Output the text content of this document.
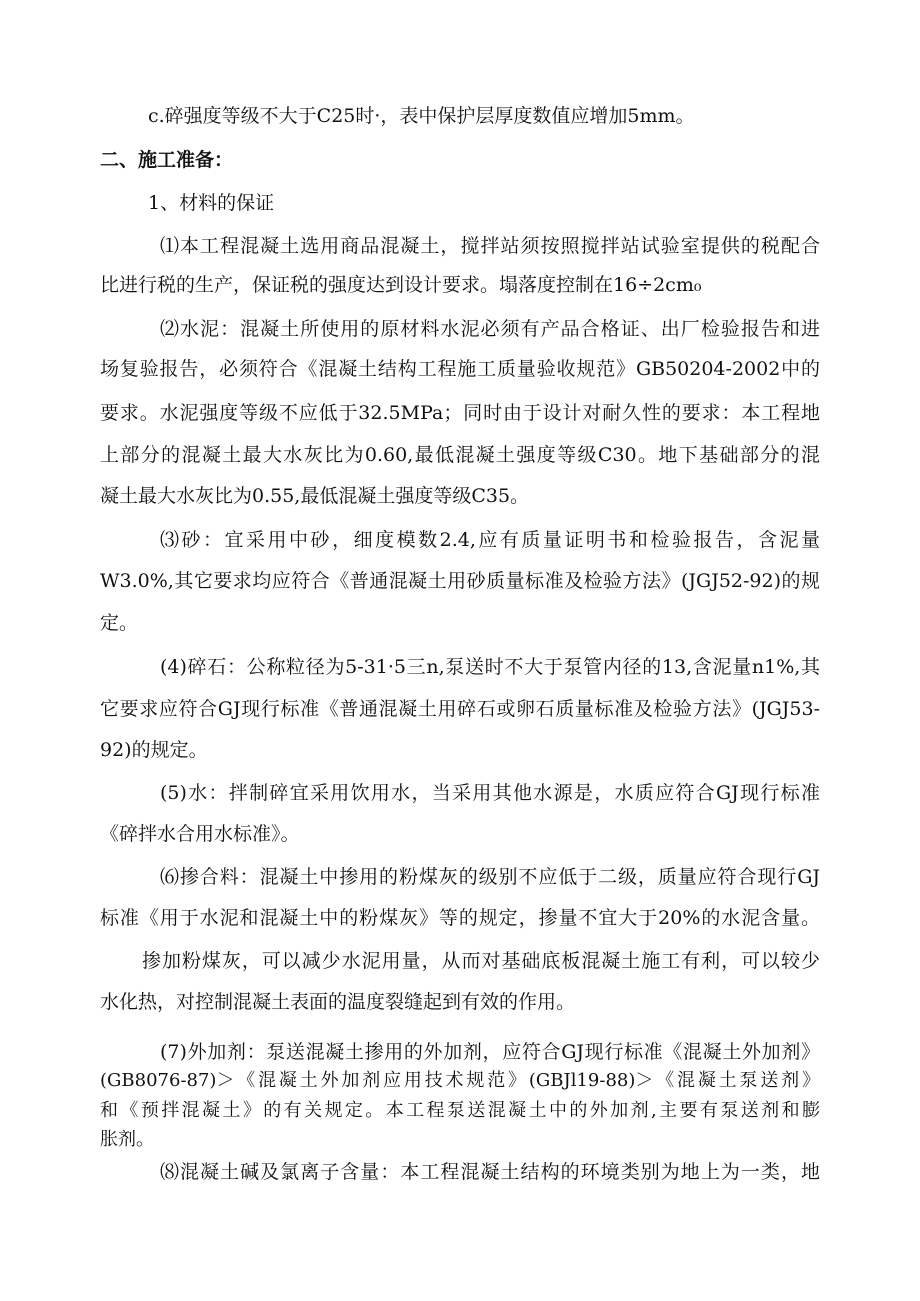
c.碎强度等级不大于C25时·，表中保护层厚度数值应增加5mm。
二、施工准备：
1、材料的保证
⑴本工程混凝土选用商品混凝土，搅拌站须按照搅拌站试验室提供的税配合
比进行税的生产，保证税的强度达到设计要求。塌落度控制在16÷2cm₀
⑵水泥：混凝土所使用的原材料水泥必须有产品合格证、出厂检验报告和进
场复验报告，必须符合《混凝土结构工程施工质量验收规范》GB50204-2002中的
要求。水泥强度等级不应低于32.5MPa；同时由于设计对耐久性的要求：本工程地
上部分的混凝土最大水灰比为0.60,最低混凝土强度等级C30。地下基础部分的混
凝土最大水灰比为0.55,最低混凝土强度等级C35。
⑶砂：宜采用中砂，细度模数2.4,应有质量证明书和检验报告，含泥量
W3.0%,其它要求均应符合《普通混凝土用砂质量标准及检验方法》(JGJ52-92)的规
定。
(4)碎石：公称粒径为5-31·5三n,泵送时不大于泵管内径的13,含泥量n1%,其
它要求应符合GJ现行标准《普通混凝土用碎石或卵石质量标准及检验方法》(JGJ53-
92)的规定。
(5)水：拌制碎宜采用饮用水，当采用其他水源是，水质应符合GJ现行标准
《碎拌水合用水标准》。
⑹掺合料：混凝土中掺用的粉煤灰的级别不应低于二级，质量应符合现行GJ
标准《用于水泥和混凝土中的粉煤灰》等的规定，掺量不宜大于20%的水泥含量。
掺加粉煤灰，可以减少水泥用量，从而对基础底板混凝土施工有利，可以较少
水化热，对控制混凝土表面的温度裂缝起到有效的作用。
(7)外加剂：泵送混凝土掺用的外加剂，应符合GJ现行标准《混凝土外加剂》
(GB8076-87)＞《混凝土外加剂应用技术规范》(GBJl19-88)＞《混凝土泵送剂》
和《预拌混凝土》的有关规定。本工程泵送混凝土中的外加剂,主要有泵送剂和膨
胀剂。
⑻混凝土碱及氯离子含量：本工程混凝土结构的环境类别为地上为一类，地
